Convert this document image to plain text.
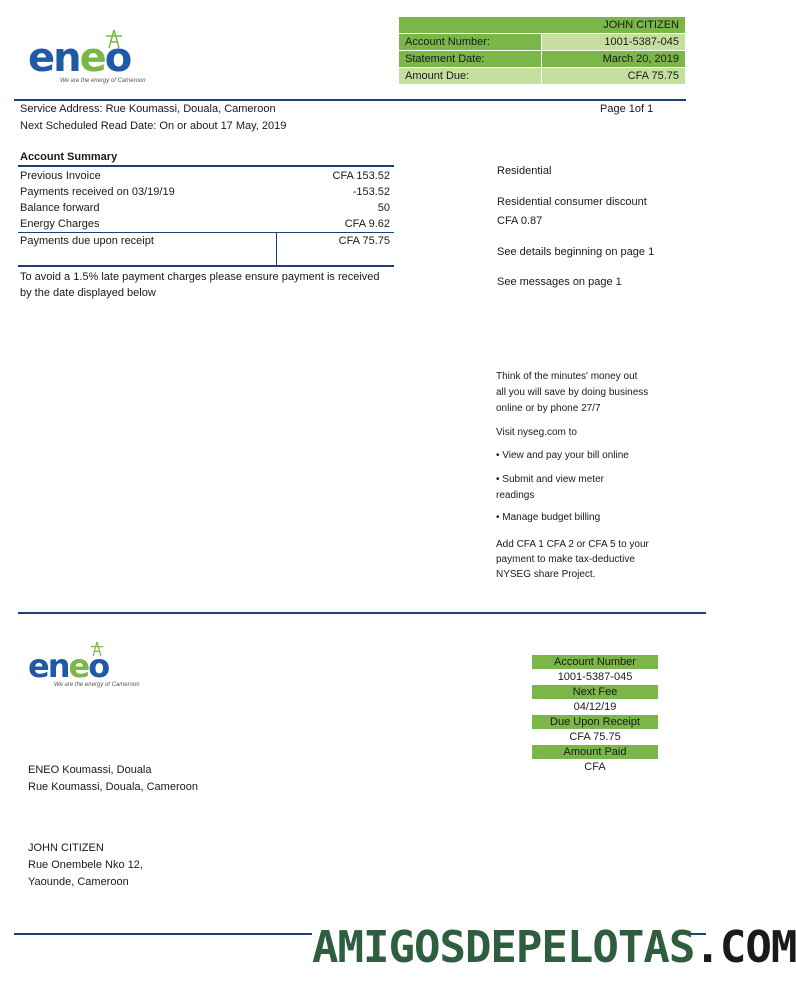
eneo
We are the energy of Cameroon
JOHN CITIZEN	
Account Number:	1001-5387-045
Statement Date:	March 20, 2019
Amount Due:	CFA 75.75
Service Address: Rue Koumassi, Douala, Cameroon
Next Scheduled Read Date: On or about 17 May, 2019
Page 1of 1
Account Summary
Previous Invoice	CFA 153.52
Payments received on 03/19/19	-153.52
Balance forward	50
Energy Charges	CFA 9.62
Payments due upon receipt	CFA 75.75
To avoid a 1.5% late payment charges please ensure payment is received by the date displayed below

Residential

Residential consumer discount

CFA 0.87

See details beginning on page 1

See messages on page 1

Think of the minutes' money out

all you will save by doing business

online or by phone 27/7

Visit nyseg.com to

• View and pay your bill online

• Submit and view meter

readings

• Manage budget billing

Add CFA 1 CFA 2 or CFA 5 to your

payment to make tax-deductive

NYSEG share Project.

eneo
We are the energy of Cameroon
Account Number
1001-5387-045
Next Fee
04/12/19
Due Upon Receipt
CFA 75.75
Amount Paid
CFA
ENEO Koumassi, Douala
Rue Koumassi, Douala, Cameroon
JOHN CITIZEN
Rue Onembele Nko 12,
Yaounde, Cameroon
AMIGOSDEPELOTAS.COM
